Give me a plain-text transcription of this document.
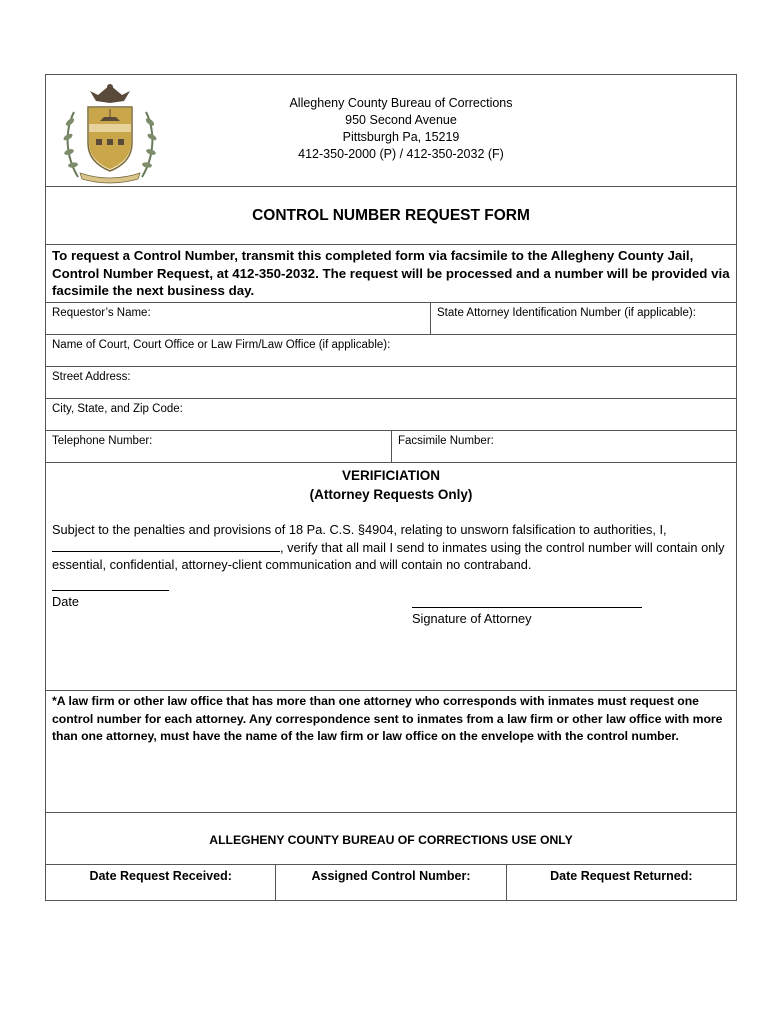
Allegheny County Bureau of Corrections
950 Second Avenue
Pittsburgh Pa, 15219
412-350-2000 (P) / 412-350-2032 (F)
CONTROL NUMBER REQUEST FORM
To request a Control Number, transmit this completed form via facsimile to the Allegheny County Jail, Control Number Request, at 412-350-2032. The request will be processed and a number will be provided via facsimile the next business day.
Requestor’s Name:	State Attorney Identification Number (if applicable):
Name of Court, Court Office or Law Firm/Law Office (if applicable):
Street Address:
City, State, and Zip Code:
Telephone Number:	Facsimile Number:
VERIFICIATION
(Attorney Requests Only)
Subject to the penalties and provisions of 18 Pa. C.S. §4904, relating to unsworn falsification to authorities, I,
, verify that all mail I send to inmates using the control number will contain only
essential, confidential, attorney-client communication and will contain no contraband.
Date
Signature of Attorney
*A law firm or other law office that has more than one attorney who corresponds with inmates must request one control number for each attorney. Any correspondence sent to inmates from a law firm or other law office with more than one attorney, must have the name of the law firm or law office on the envelope with the control number.
ALLEGHENY COUNTY BUREAU OF CORRECTIONS USE ONLY
Date Request Received:	Assigned Control Number:	Date Request Returned:
